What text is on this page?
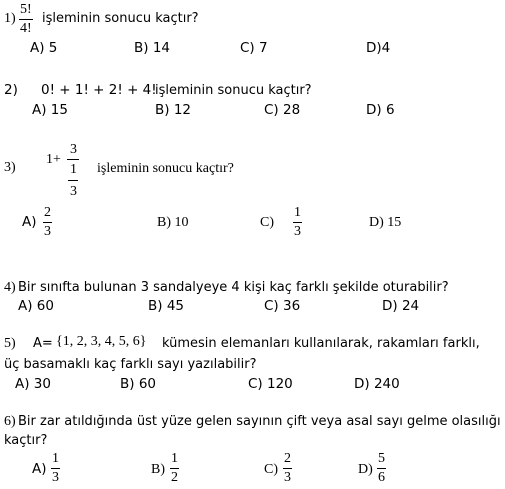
1)
5!
4!
işleminin sonucu kaçtır?
A) 5	B) 14	C) 7	D)4
2) 0! + 1! + 2! + 4!
işleminin sonucu kaçtır?
A) 15	B) 12	C) 28	D) 6
3)
1+
3
1
3
işleminin sonucu kaçtır?
A)
2
3
B) 10	C)
1
3
D) 15
4) Bir sınıfta bulunan 3 sandalyeye 4 kişi kaç farklı şekilde oturabilir?
A) 60	B) 45	C) 36	D) 24
5) A= {1, 2, 3, 4, 5, 6} kümesin elemanları kullanılarak, rakamları farklı,
üç basamaklı kaç farklı sayı yazılabilir?
A) 30	B) 60	C) 120	D) 240
6) Bir zar atıldığında üst yüze gelen sayının çift veya asal sayı gelme olasılığı
kaçtır?
A)
1
3
B)
1
2
C)
2
3
D)
5
6
